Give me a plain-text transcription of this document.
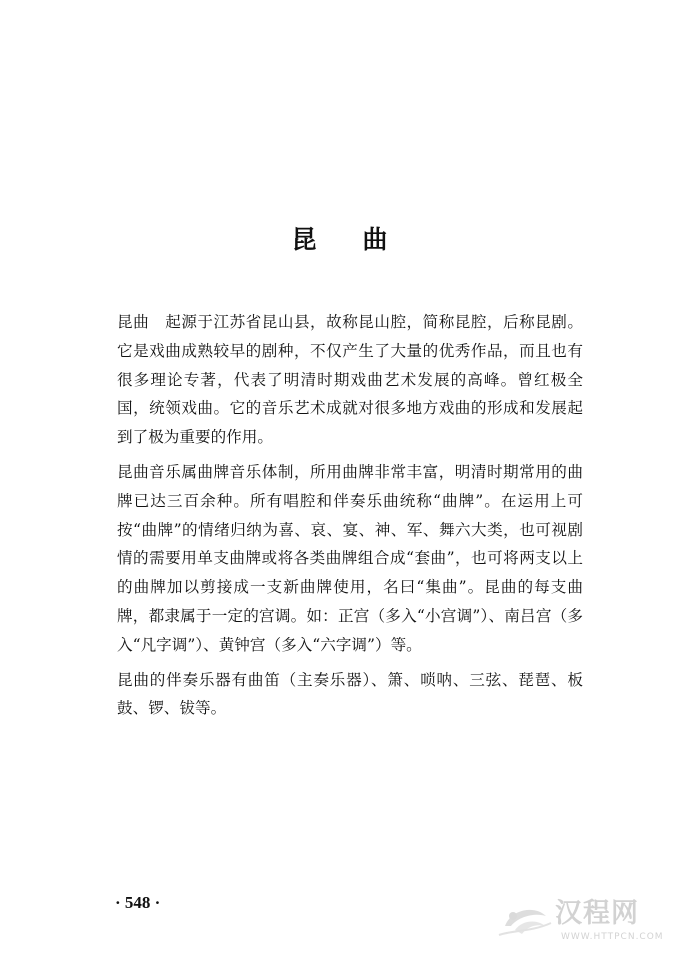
昆曲

昆曲　起源于江苏省昆山县，故称昆山腔，简称昆腔，后称昆剧。它是戏曲成熟较早的剧种，不仅产生了大量的优秀作品，而且也有很多理论专著，代表了明清时期戏曲艺术发展的高峰。曾红极全国，统领戏曲。它的音乐艺术成就对很多地方戏曲的形成和发展起到了极为重要的作用。

昆曲音乐属曲牌音乐体制，所用曲牌非常丰富，明清时期常用的曲牌已达三百余种。所有唱腔和伴奏乐曲统称“曲牌”。在运用上可按“曲牌”的情绪归纳为喜、哀、宴、神、军、舞六大类，也可视剧情的需要用单支曲牌或将各类曲牌组合成“套曲”，也可将两支以上的曲牌加以剪接成一支新曲牌使用，名曰“集曲”。昆曲的每支曲牌，都隶属于一定的宫调。如：正宫（多入“小宫调”）、南吕宫（多入“凡字调”）、黄钟宫（多入“六字调”）等。

昆曲的伴奏乐器有曲笛（主奏乐器）、箫、唢呐、三弦、琵琶、板鼓、锣、钹等。

· 548 ·	汉程网
WWW.HTTPCN.COM
